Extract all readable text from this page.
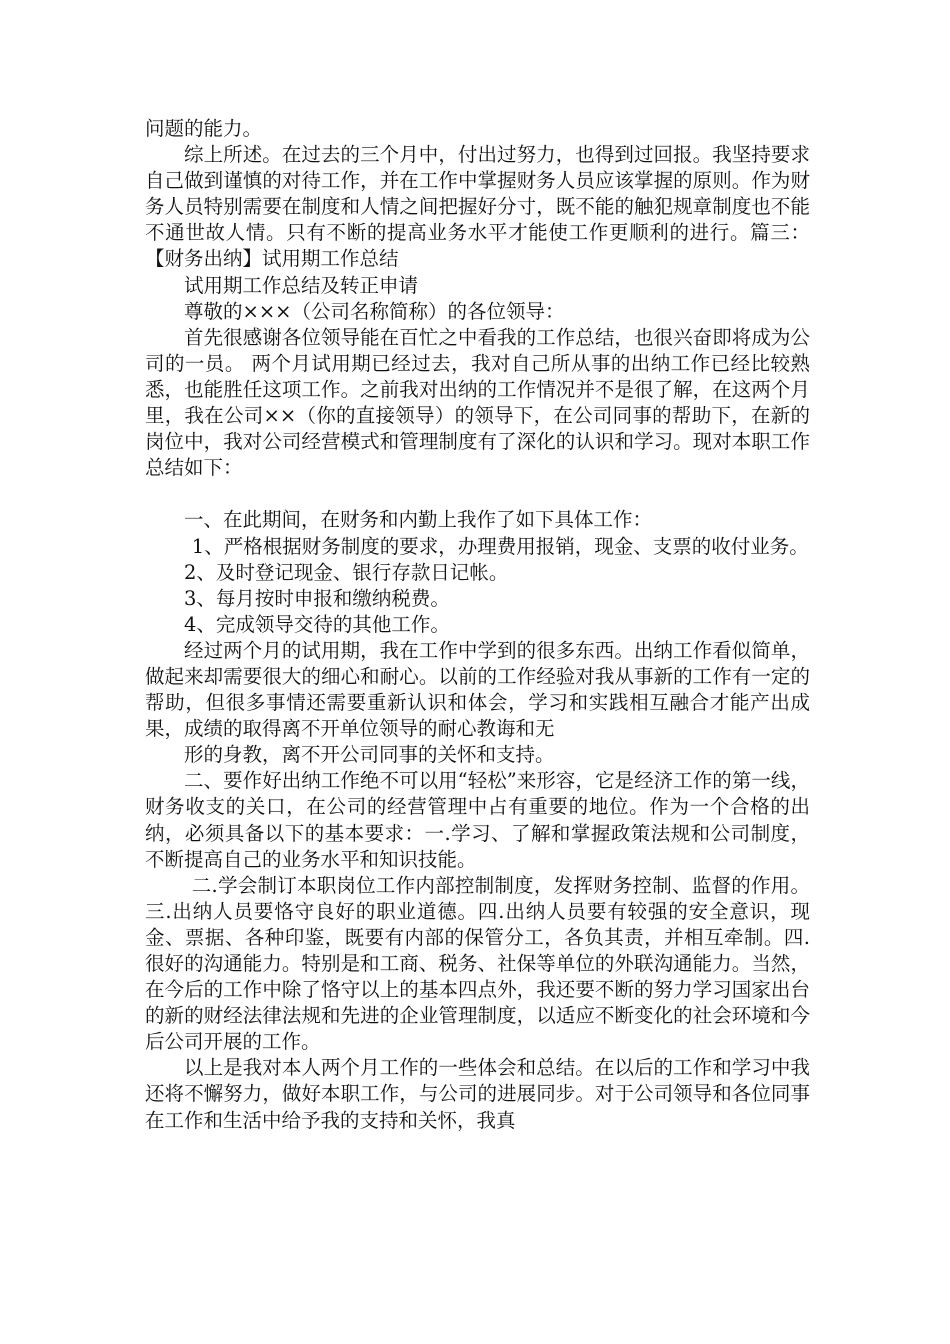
问题的能力。

综上所述。在过去的三个月中，付出过努力，也得到过回报。我坚持要求自己做到谨慎的对待工作，并在工作中掌握财务人员应该掌握的原则。作为财务人员特别需要在制度和人情之间把握好分寸，既不能的触犯规章制度也不能不通世故人情。只有不断的提高业务水平才能使工作更顺利的进行。篇三：【财务出纳】试用期工作总结

试用期工作总结及转正申请

尊敬的×××（公司名称简称）的各位领导：

首先很感谢各位领导能在百忙之中看我的工作总结，也很兴奋即将成为公司的一员。 两个月试用期已经过去，我对自己所从事的出纳工作已经比较熟悉，也能胜任这项工作。之前我对出纳的工作情况并不是很了解，在这两个月里，我在公司××（你的直接领导）的领导下，在公司同事的帮助下，在新的岗位中，我对公司经营模式和管理制度有了深化的认识和学习。现对本职工作总结如下：

一、在此期间，在财务和内勤上我作了如下具体工作：

1、严格根据财务制度的要求，办理费用报销，现金、支票的收付业务。

2、及时登记现金、银行存款日记帐。

3、每月按时申报和缴纳税费。

4、完成领导交待的其他工作。

经过两个月的试用期，我在工作中学到的很多东西。出纳工作看似简单，做起来却需要很大的细心和耐心。以前的工作经验对我从事新的工作有一定的帮助，但很多事情还需要重新认识和体会，学习和实践相互融合才能产出成果，成绩的取得离不开单位领导的耐心教诲和无

形的身教，离不开公司同事的关怀和支持。

二、要作好出纳工作绝不可以用“轻松”来形容，它是经济工作的第一线，财务收支的关口，在公司的经营管理中占有重要的地位。作为一个合格的出纳，必须具备以下的基本要求：一.学习、了解和掌握政策法规和公司制度，不断提高自己的业务水平和知识技能。

二.学会制订本职岗位工作内部控制制度，发挥财务控制、监督的作用。三.出纳人员要恪守良好的职业道德。四.出纳人员要有较强的安全意识，现金、票据、各种印鉴，既要有内部的保管分工，各负其责，并相互牵制。四.很好的沟通能力。特别是和工商、税务、社保等单位的外联沟通能力。当然，在今后的工作中除了恪守以上的基本四点外，我还要不断的努力学习国家出台的新的财经法律法规和先进的企业管理制度，以适应不断变化的社会环境和今后公司开展的工作。

以上是我对本人两个月工作的一些体会和总结。在以后的工作和学习中我还将不懈努力，做好本职工作，与公司的进展同步。对于公司领导和各位同事在工作和生活中给予我的支持和关怀，我真
